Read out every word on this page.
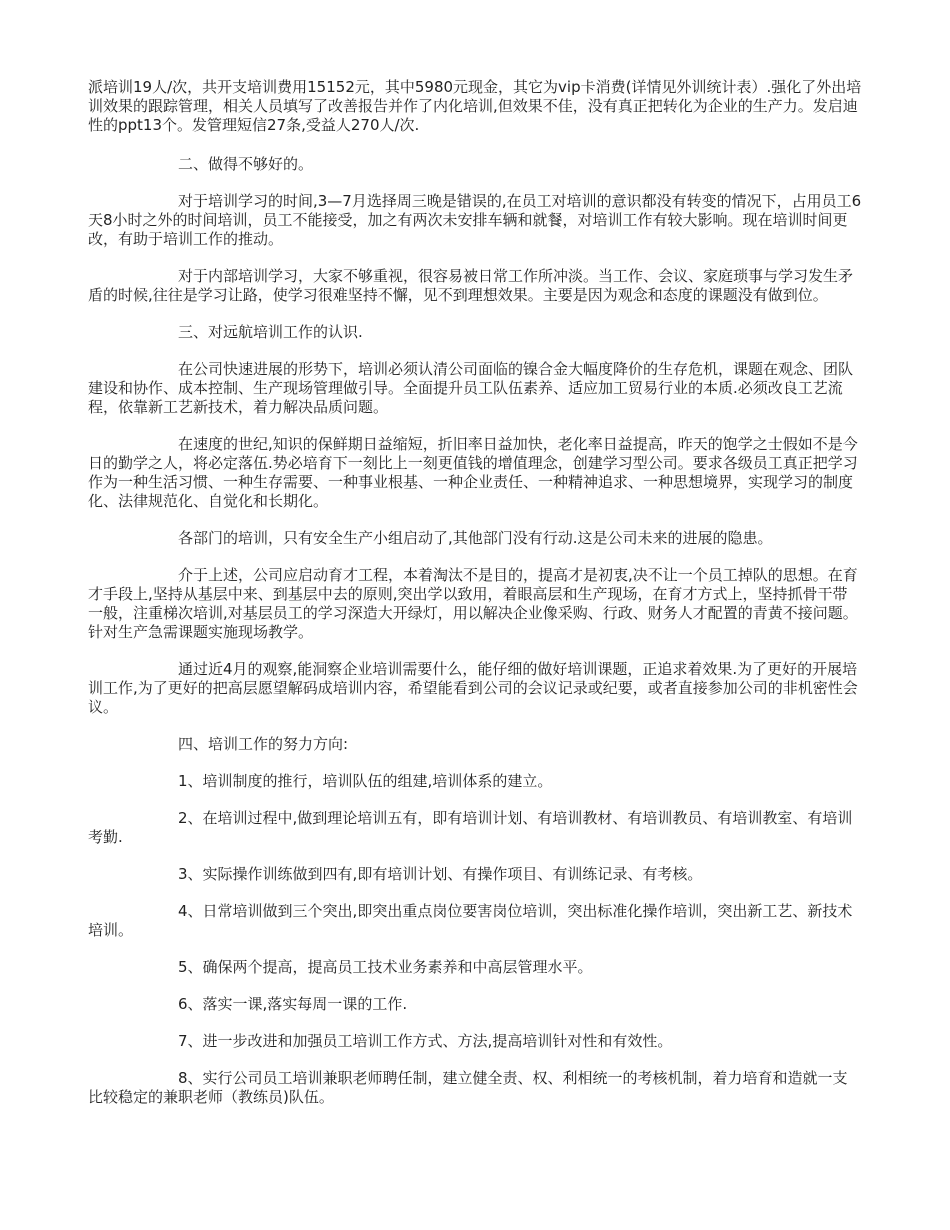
派培训19人/次，共开支培训费用15152元，其中5980元现金，其它为vip卡消费(详情见外训统计表）.强化了外出培训效果的跟踪管理，相关人员填写了改善报告并作了内化培训,但效果不佳，没有真正把转化为企业的生产力。发启迪性的ppt13个。发管理短信27条,受益人270人/次.

二、做得不够好的。

对于培训学习的时间,3—7月选择周三晚是错误的,在员工对培训的意识都没有转变的情况下，占用员工6天8小时之外的时间培训，员工不能接受，加之有两次未安排车辆和就餐，对培训工作有较大影响。现在培训时间更改，有助于培训工作的推动。

对于内部培训学习，大家不够重视，很容易被日常工作所冲淡。当工作、会议、家庭琐事与学习发生矛盾的时候,往往是学习让路，使学习很难坚持不懈，见不到理想效果。主要是因为观念和态度的课题没有做到位。

三、对远航培训工作的认识.

在公司快速进展的形势下，培训必须认清公司面临的镍合金大幅度降价的生存危机，课题在观念、团队建设和协作、成本控制、生产现场管理做引导。全面提升员工队伍素养、适应加工贸易行业的本质.必须改良工艺流程，依靠新工艺新技术，着力解决品质问题。

在速度的世纪,知识的保鲜期日益缩短，折旧率日益加快，老化率日益提高，昨天的饱学之士假如不是今日的勤学之人，将必定落伍.势必培育下一刻比上一刻更值钱的增值理念，创建学习型公司。要求各级员工真正把学习作为一种生活习惯、一种生存需要、一种事业根基、一种企业责任、一种精神追求、一种思想境界，实现学习的制度化、法律规范化、自觉化和长期化。

各部门的培训，只有安全生产小组启动了,其他部门没有行动.这是公司未来的进展的隐患。

介于上述，公司应启动育才工程，本着淘汰不是目的，提高才是初衷,决不让一个员工掉队的思想。在育才手段上,坚持从基层中来、到基层中去的原则,突出学以致用，着眼高层和生产现场，在育才方式上，坚持抓骨干带一般，注重梯次培训,对基层员工的学习深造大开绿灯，用以解决企业像采购、行政、财务人才配置的青黄不接问题。针对生产急需课题实施现场教学。

通过近4月的观察,能洞察企业培训需要什么，能仔细的做好培训课题，正追求着效果.为了更好的开展培训工作,为了更好的把高层愿望解码成培训内容，希望能看到公司的会议记录或纪要，或者直接参加公司的非机密性会议。

四、培训工作的努力方向:

1、培训制度的推行，培训队伍的组建,培训体系的建立。

2、在培训过程中,做到理论培训五有，即有培训计划、有培训教材、有培训教员、有培训教室、有培训考勤.

3、实际操作训练做到四有,即有培训计划、有操作项目、有训练记录、有考核。

4、日常培训做到三个突出,即突出重点岗位要害岗位培训，突出标准化操作培训，突出新工艺、新技术培训。

5、确保两个提高，提高员工技术业务素养和中高层管理水平。

6、落实一课,落实每周一课的工作.

7、进一步改进和加强员工培训工作方式、方法,提高培训针对性和有效性。

8、实行公司员工培训兼职老师聘任制，建立健全责、权、利相统一的考核机制，着力培育和造就一支比较稳定的兼职老师（教练员)队伍。
